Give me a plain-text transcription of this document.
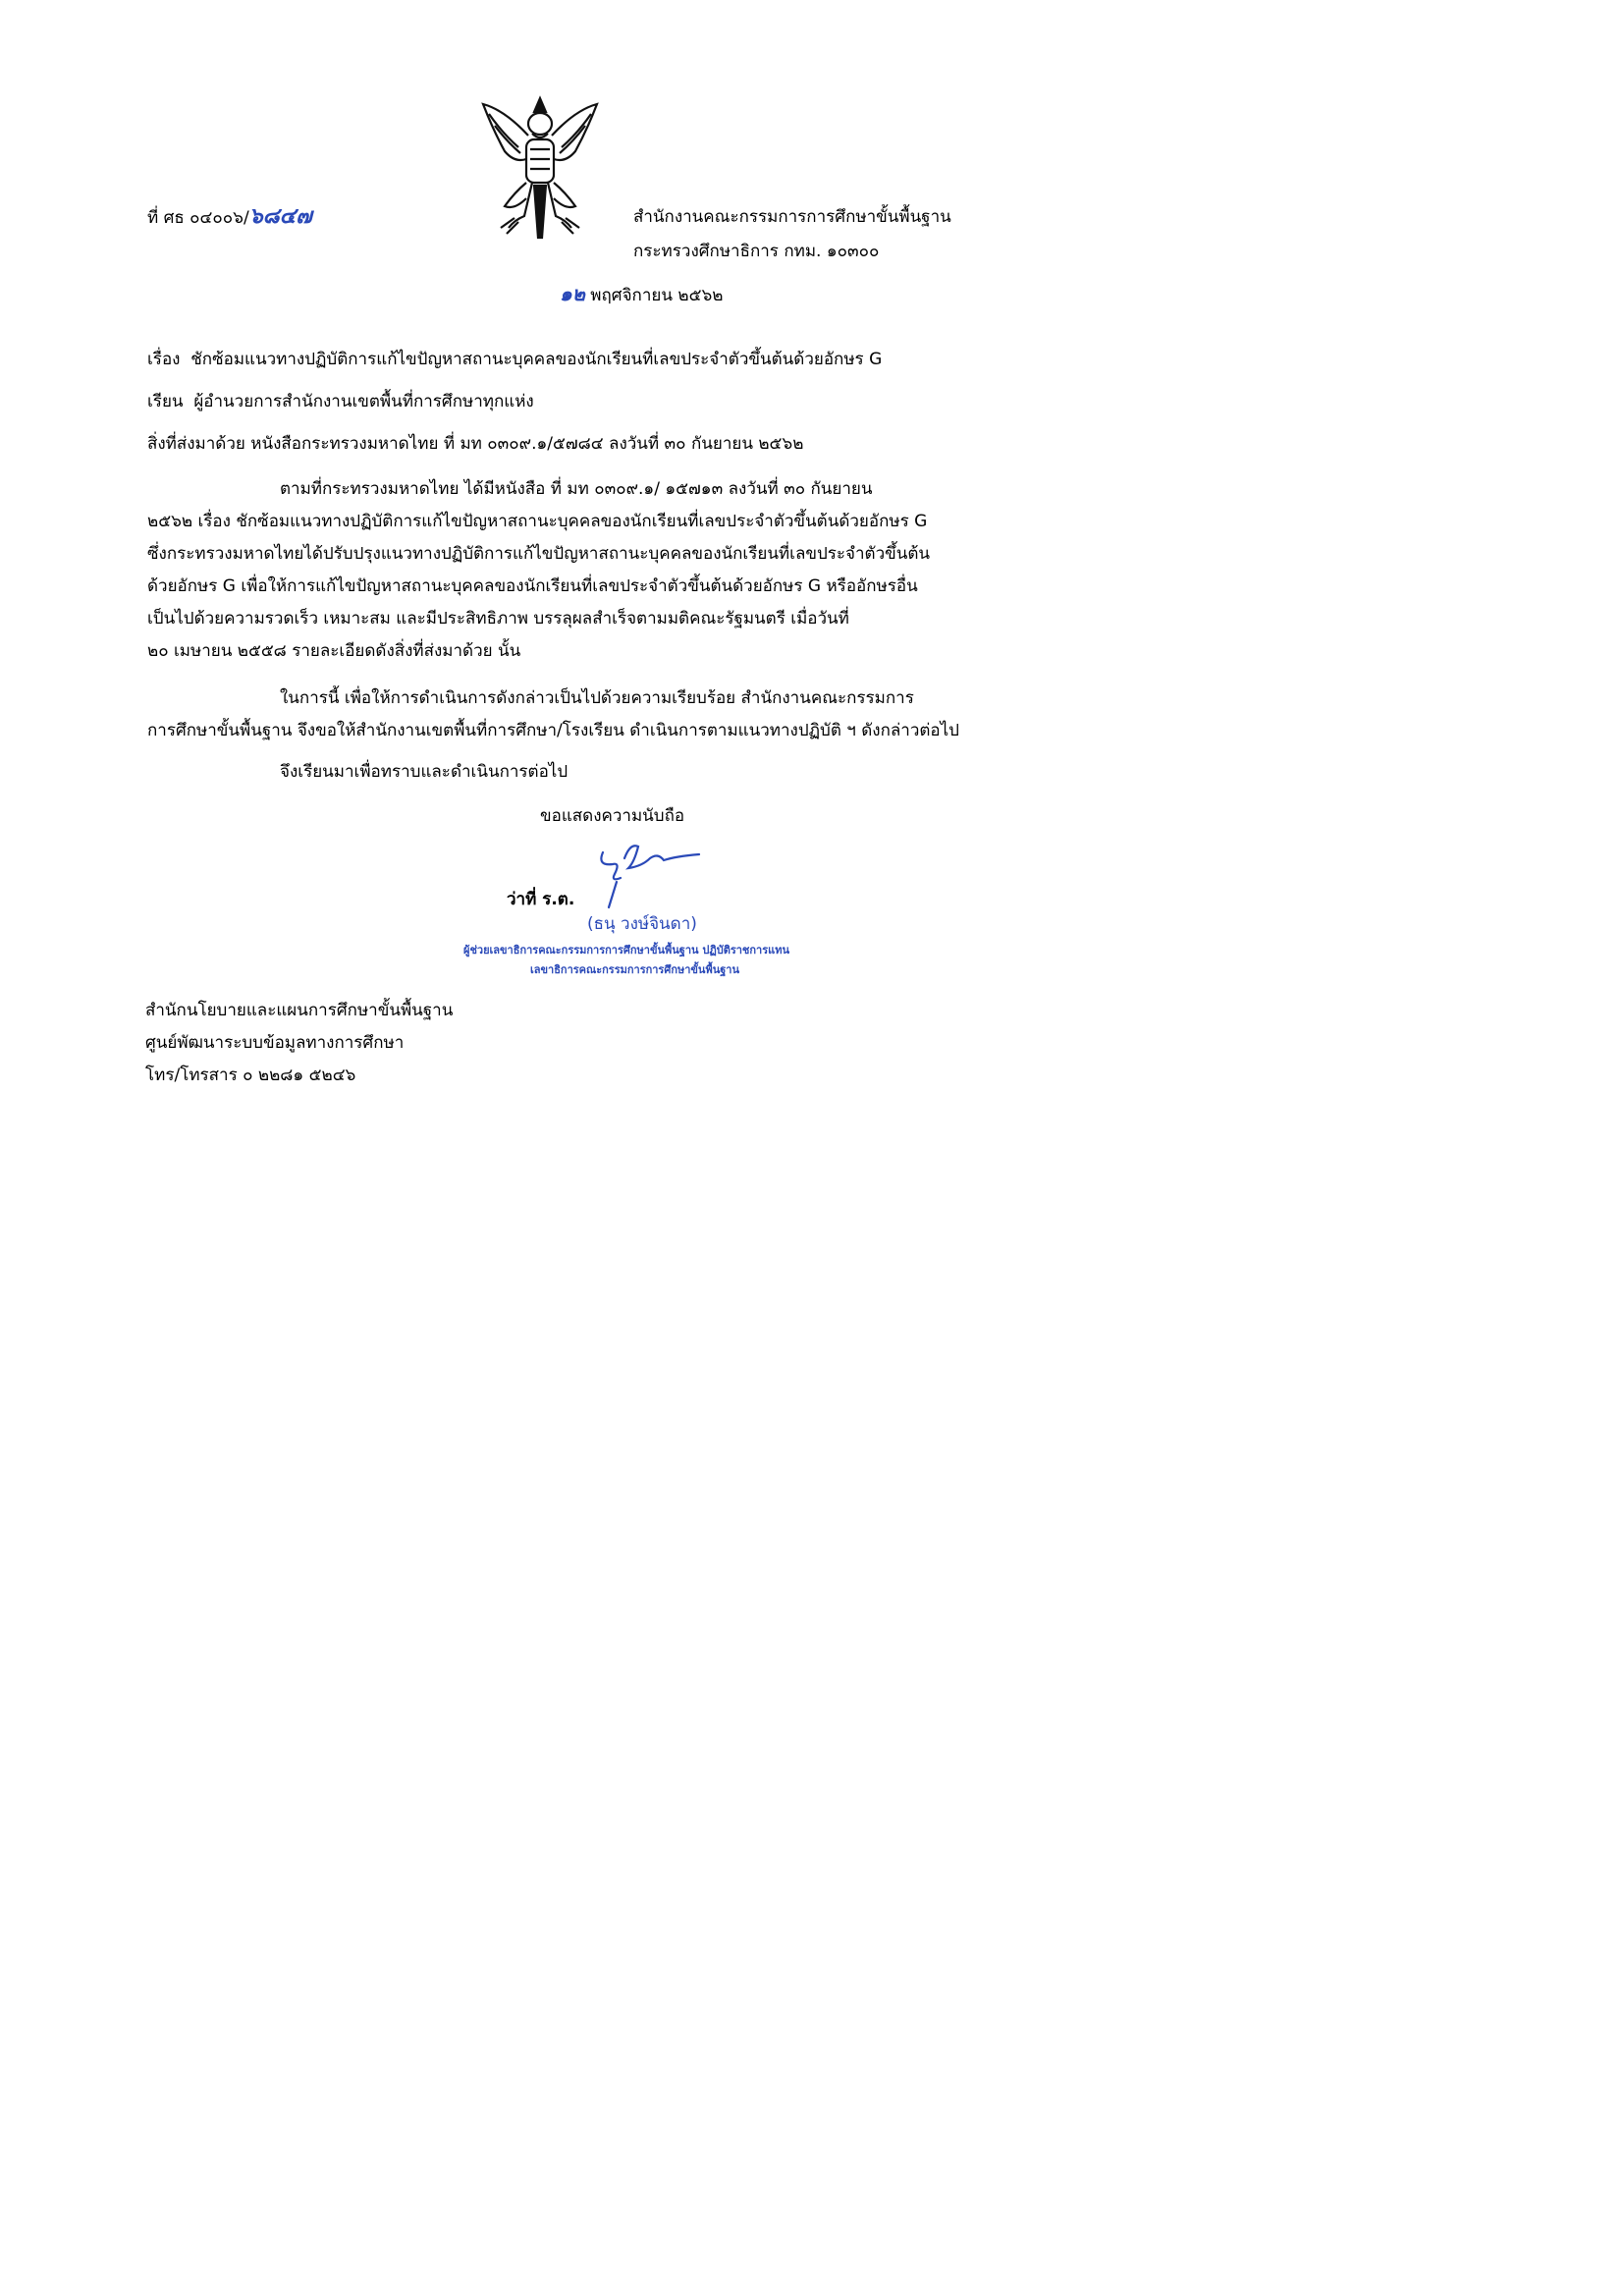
ที่ ศธ ๐๔๐๐๖/๖๘๔๗	สำนักงานคณะกรรมการการศึกษาขั้นพื้นฐาน
กระทรวงศึกษาธิการ กทม. ๑๐๓๐๐
๑๒ พฤศจิกายน ๒๕๖๒
เรื่อง ชักซ้อมแนวทางปฏิบัติการแก้ไขปัญหาสถานะบุคคลของนักเรียนที่เลขประจำตัวขึ้นต้นด้วยอักษร G
เรียน ผู้อำนวยการสำนักงานเขตพื้นที่การศึกษาทุกแห่ง
สิ่งที่ส่งมาด้วย หนังสือกระทรวงมหาดไทย ที่ มท ๐๓๐๙.๑/๕๗๘๔ ลงวันที่ ๓๐ กันยายน ๒๕๖๒
ตามที่กระทรวงมหาดไทย ได้มีหนังสือ ที่ มท ๐๓๐๙.๑/ ๑๕๗๑๓ ลงวันที่ ๓๐ กันยายน
๒๕๖๒ เรื่อง ชักซ้อมแนวทางปฏิบัติการแก้ไขปัญหาสถานะบุคคลของนักเรียนที่เลขประจำตัวขึ้นต้นด้วยอักษร G
ซึ่งกระทรวงมหาดไทยได้ปรับปรุงแนวทางปฏิบัติการแก้ไขปัญหาสถานะบุคคลของนักเรียนที่เลขประจำตัวขึ้นต้น
ด้วยอักษร G เพื่อให้การแก้ไขปัญหาสถานะบุคคลของนักเรียนที่เลขประจำตัวขึ้นต้นด้วยอักษร G หรืออักษรอื่น
เป็นไปด้วยความรวดเร็ว เหมาะสม และมีประสิทธิภาพ บรรลุผลสำเร็จตามมติคณะรัฐมนตรี เมื่อวันที่
๒๐ เมษายน ๒๕๕๘ รายละเอียดดังสิ่งที่ส่งมาด้วย นั้น
ในการนี้ เพื่อให้การดำเนินการดังกล่าวเป็นไปด้วยความเรียบร้อย สำนักงานคณะกรรมการ
การศึกษาขั้นพื้นฐาน จึงขอให้สำนักงานเขตพื้นที่การศึกษา/โรงเรียน ดำเนินการตามแนวทางปฏิบัติ ฯ ดังกล่าวต่อไป
จึงเรียนมาเพื่อทราบและดำเนินการต่อไป
ขอแสดงความนับถือ
ว่าที่ ร.ต.
(ธนุ วงษ์จินดา)
ผู้ช่วยเลขาธิการคณะกรรมการการศึกษาขั้นพื้นฐาน ปฏิบัติราชการแทน
เลขาธิการคณะกรรมการการศึกษาขั้นพื้นฐาน
สำนักนโยบายและแผนการศึกษาขั้นพื้นฐาน
ศูนย์พัฒนาระบบข้อมูลทางการศึกษา
โทร/โทรสาร ๐ ๒๒๘๑ ๕๒๔๖
